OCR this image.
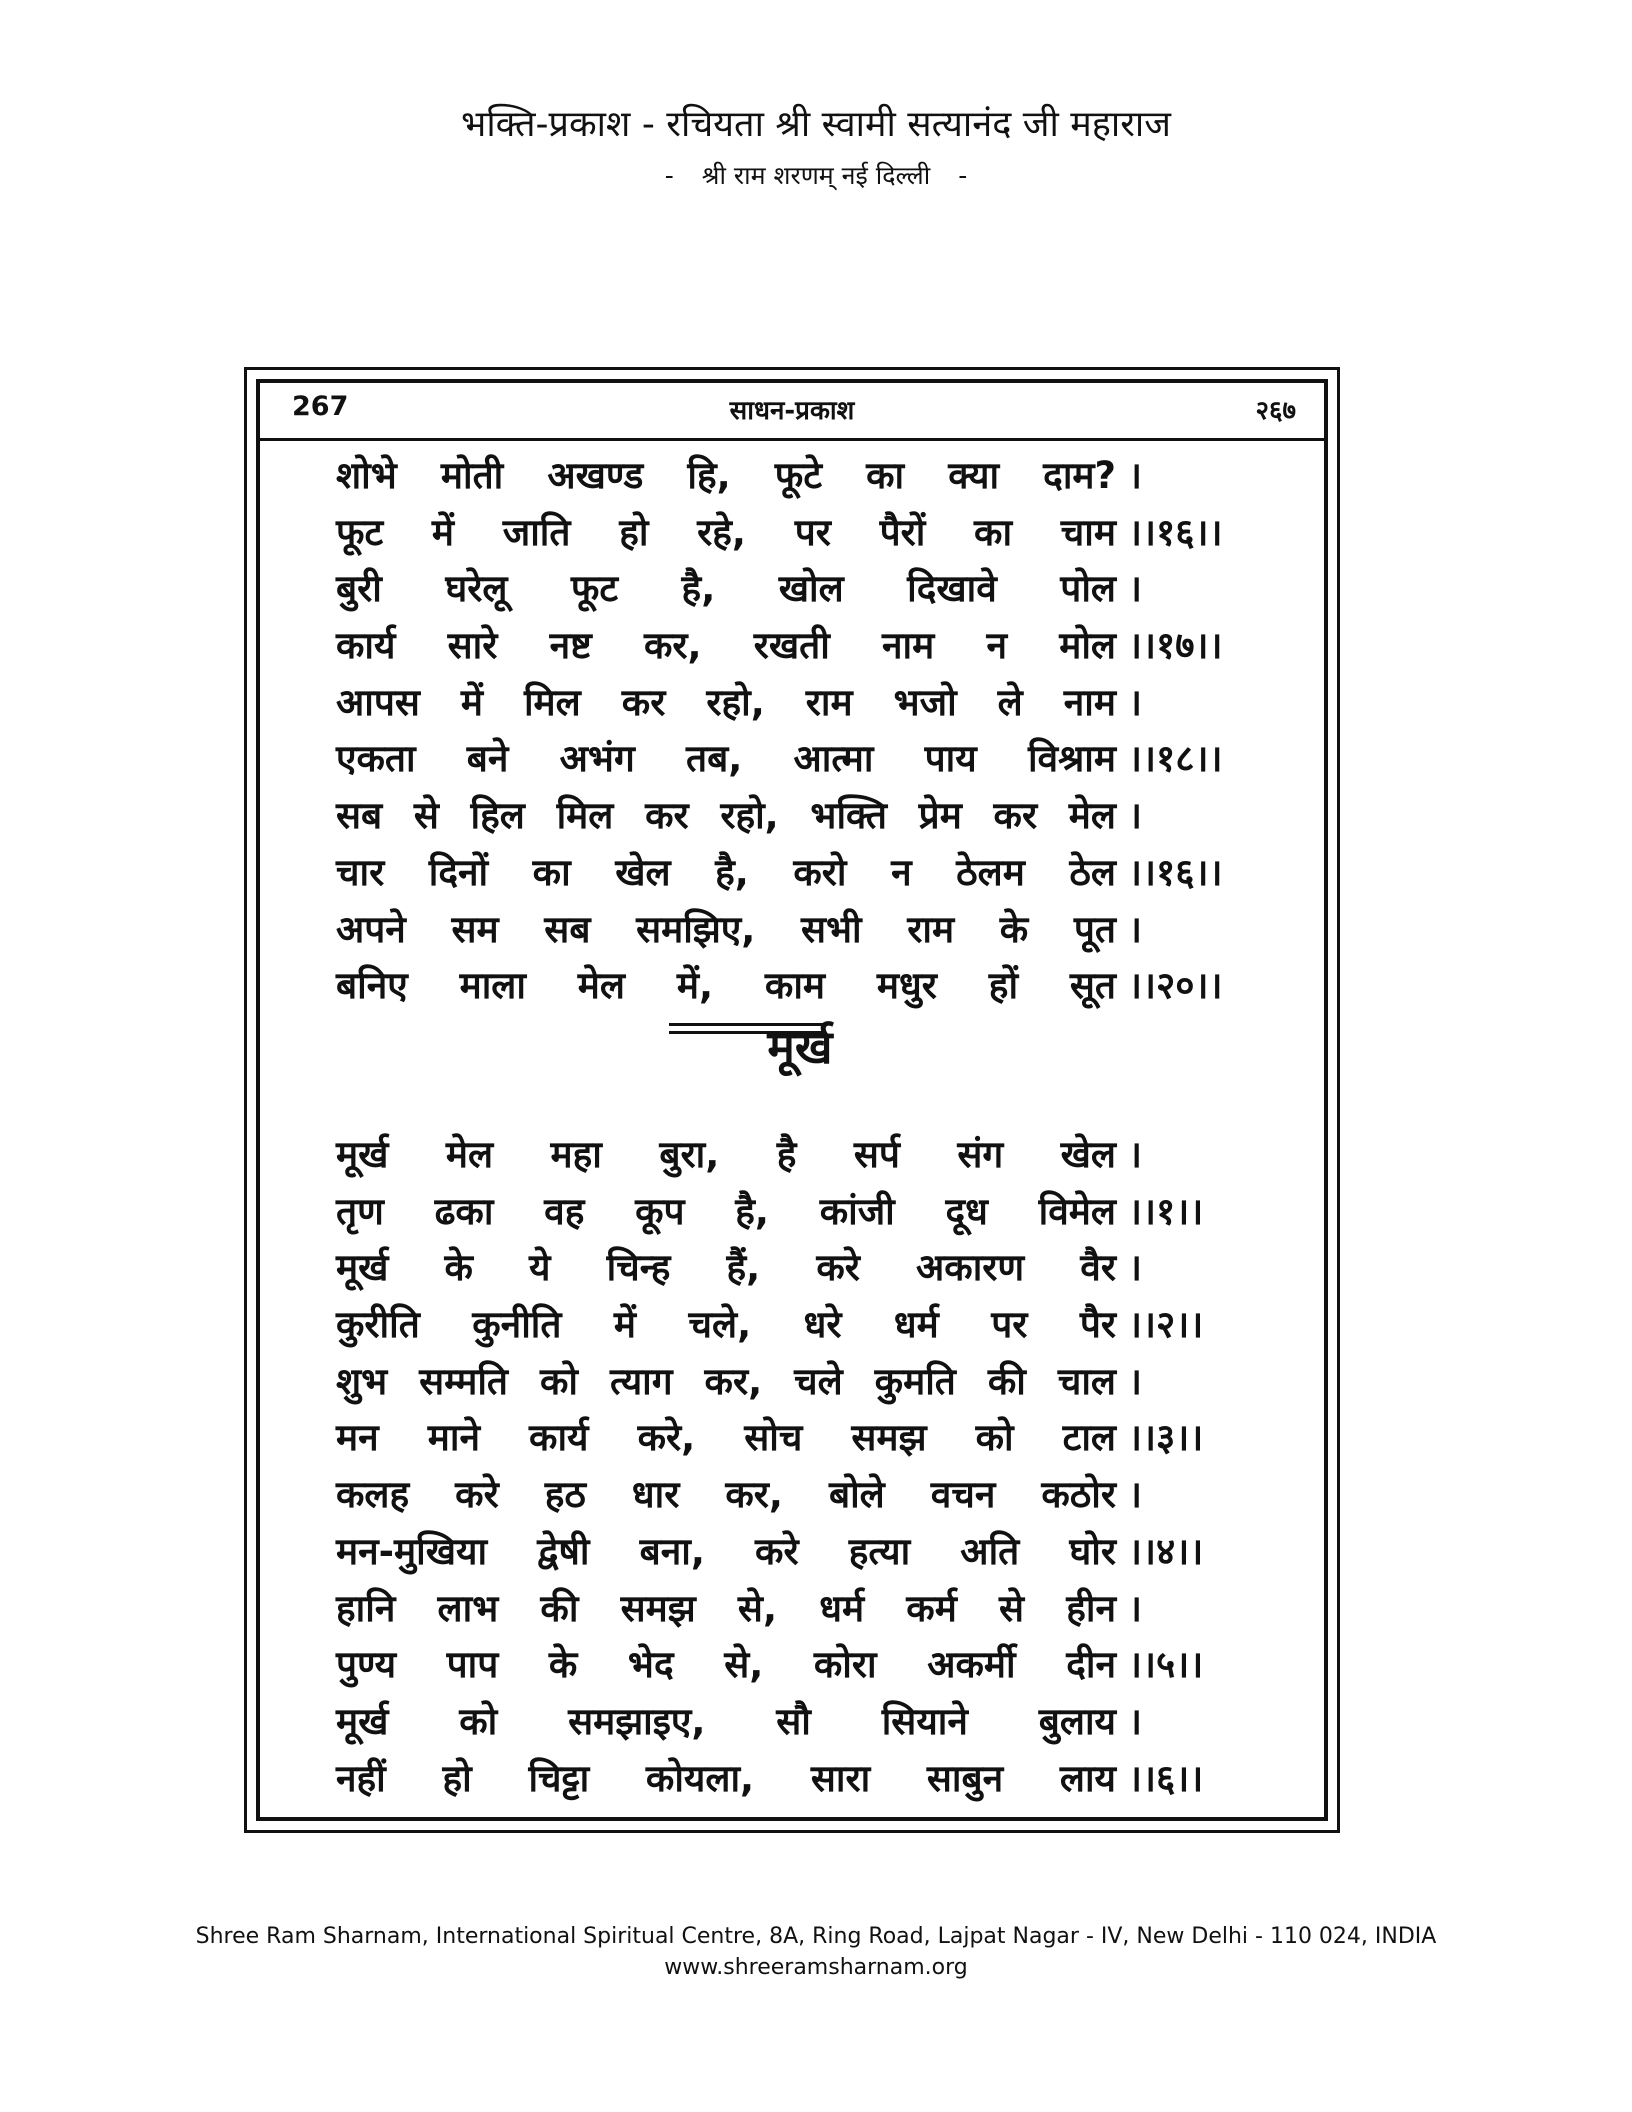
भक्ति-प्रकाश - रचियता श्री स्वामी सत्यानंद जी महाराज
- श्री राम शरणम् नई दिल्ली -
267	साधन-प्रकाश	२६७
शोभे मोती अखण्ड हि, फूटे का क्या दाम? ।
फूट में जाति हो रहे, पर पैरों का चाम ।।१६।।
बुरी घरेलू फूट है, खोल दिखावे पोल ।
कार्य सारे नष्ट कर, रखती नाम न मोल ।।१७।।
आपस में मिल कर रहो, राम भजो ले नाम ।
एकता बने अभंग तब, आत्मा पाय विश्राम ।।१८।।
सब से हिल मिल कर रहो, भक्ति प्रेम कर मेल ।
चार दिनों का खेल है, करो न ठेलम ठेल ।।१६।।
अपने सम सब समझिए, सभी राम के पूत ।
बनिए माला मेल में, काम मधुर हों सूत ।।२०।।
मूर्ख
मूर्ख मेल महा बुरा, है सर्प संग खेल ।
तृण ढका वह कूप है, कांजी दूध विमेल ।।१।।
मूर्ख के ये चिन्ह हैं, करे अकारण वैर ।
कुरीति कुनीति में चले, धरे धर्म पर पैर ।।२।।
शुभ सम्मति को त्याग कर, चले कुमति की चाल ।
मन माने कार्य करे, सोच समझ को टाल ।।३।।
कलह करे हठ धार कर, बोले वचन कठोर ।
मन-मुखिया द्वेषी बना, करे हत्या अति घोर ।।४।।
हानि लाभ की समझ से, धर्म कर्म से हीन ।
पुण्य पाप के भेद से, कोरा अकर्मी दीन ।।५।।
मूर्ख को समझाइए, सौ सियाने बुलाय ।
नहीं हो चिट्टा कोयला, सारा साबुन लाय ।।६।।
Shree Ram Sharnam, International Spiritual Centre, 8A, Ring Road, Lajpat Nagar - IV, New Delhi - 110 024, INDIA
www.shreeramsharnam.org
